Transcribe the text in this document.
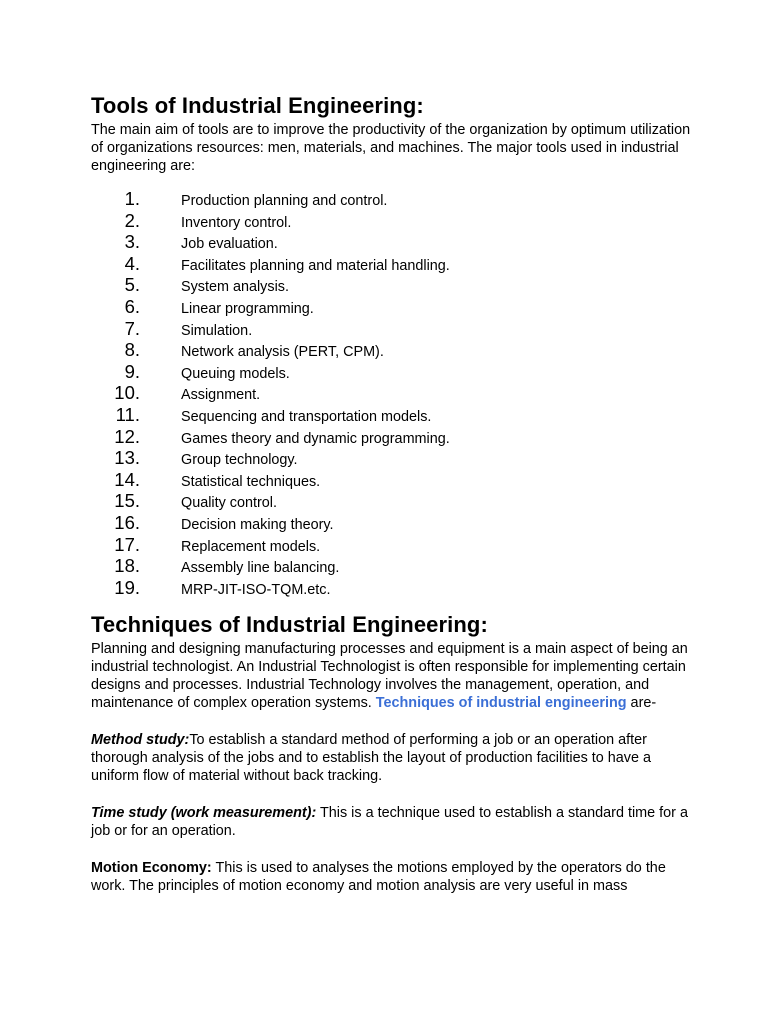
Tools of Industrial Engineering:

The main aim of tools are to improve the productivity of the organization by optimum utilization of organizations resources: men, materials, and machines. The major tools used in industrial engineering are:

1.	Production planning and control.
2.	Inventory control.
3.	Job evaluation.
4.	Facilitates planning and material handling.
5.	System analysis.
6.	Linear programming.
7.	Simulation.
8.	Network analysis (PERT, CPM).
9.	Queuing models.
10.	Assignment.
11.	Sequencing and transportation models.
12.	Games theory and dynamic programming.
13.	Group technology.
14.	Statistical techniques.
15.	Quality control.
16.	Decision making theory.
17.	Replacement models.
18.	Assembly line balancing.
19.	MRP-JIT-ISO-TQM.etc.
Techniques of Industrial Engineering:

Planning and designing manufacturing processes and equipment is a main aspect of being an industrial technologist. An Industrial Technologist is often responsible for implementing certain designs and processes. Industrial Technology involves the management, operation, and maintenance of complex operation systems. Techniques of industrial engineering are-

Method study:To establish a standard method of performing a job or an operation after thorough analysis of the jobs and to establish the layout of production facilities to have a uniform flow of material without back tracking.

Time study (work measurement): This is a technique used to establish a standard time for a job or for an operation.

Motion Economy: This is used to analyses the motions employed by the operators do the work. The principles of motion economy and motion analysis are very useful in mass
